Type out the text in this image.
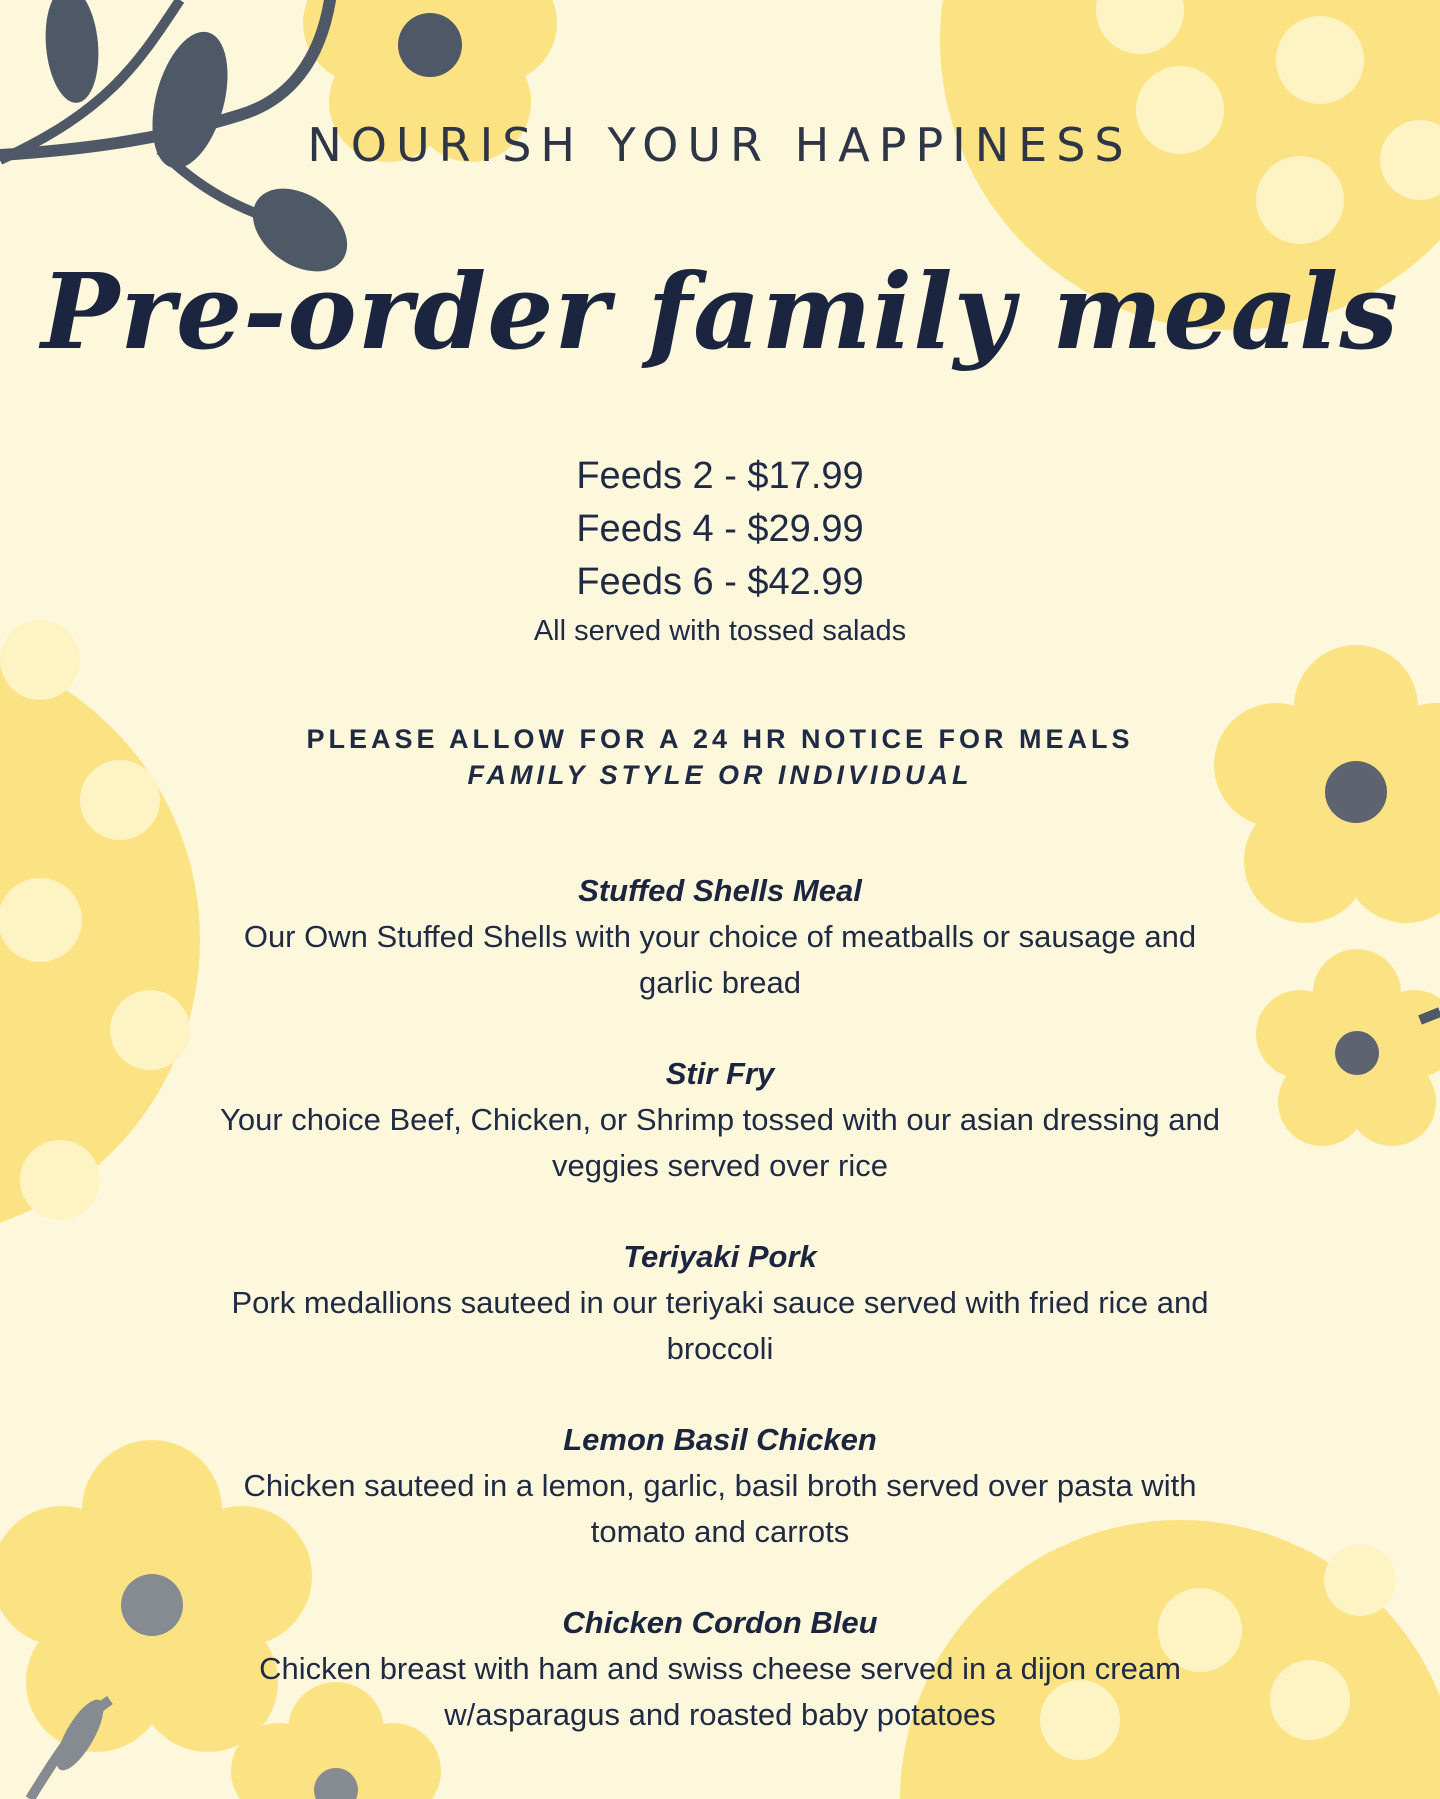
NOURISH YOUR HAPPINESS
Pre-order family meals
Feeds 2 - $17.99
Feeds 4 - $29.99
Feeds 6 - $42.99
All served with tossed salads
PLEASE ALLOW FOR A 24 HR NOTICE FOR MEALS
FAMILY STYLE OR INDIVIDUAL
Stuffed Shells Meal
Our Own Stuffed Shells with your choice of meatballs or sausage and garlic bread
Stir Fry
Your choice Beef, Chicken, or Shrimp tossed with our asian dressing and veggies served over rice
Teriyaki Pork
Pork medallions sauteed in our teriyaki sauce served with fried rice and broccoli
Lemon Basil Chicken
Chicken sauteed in a lemon, garlic, basil broth served over pasta with tomato and carrots
Chicken Cordon Bleu
Chicken breast with ham and swiss cheese served in a dijon cream w/asparagus and roasted baby potatoes
